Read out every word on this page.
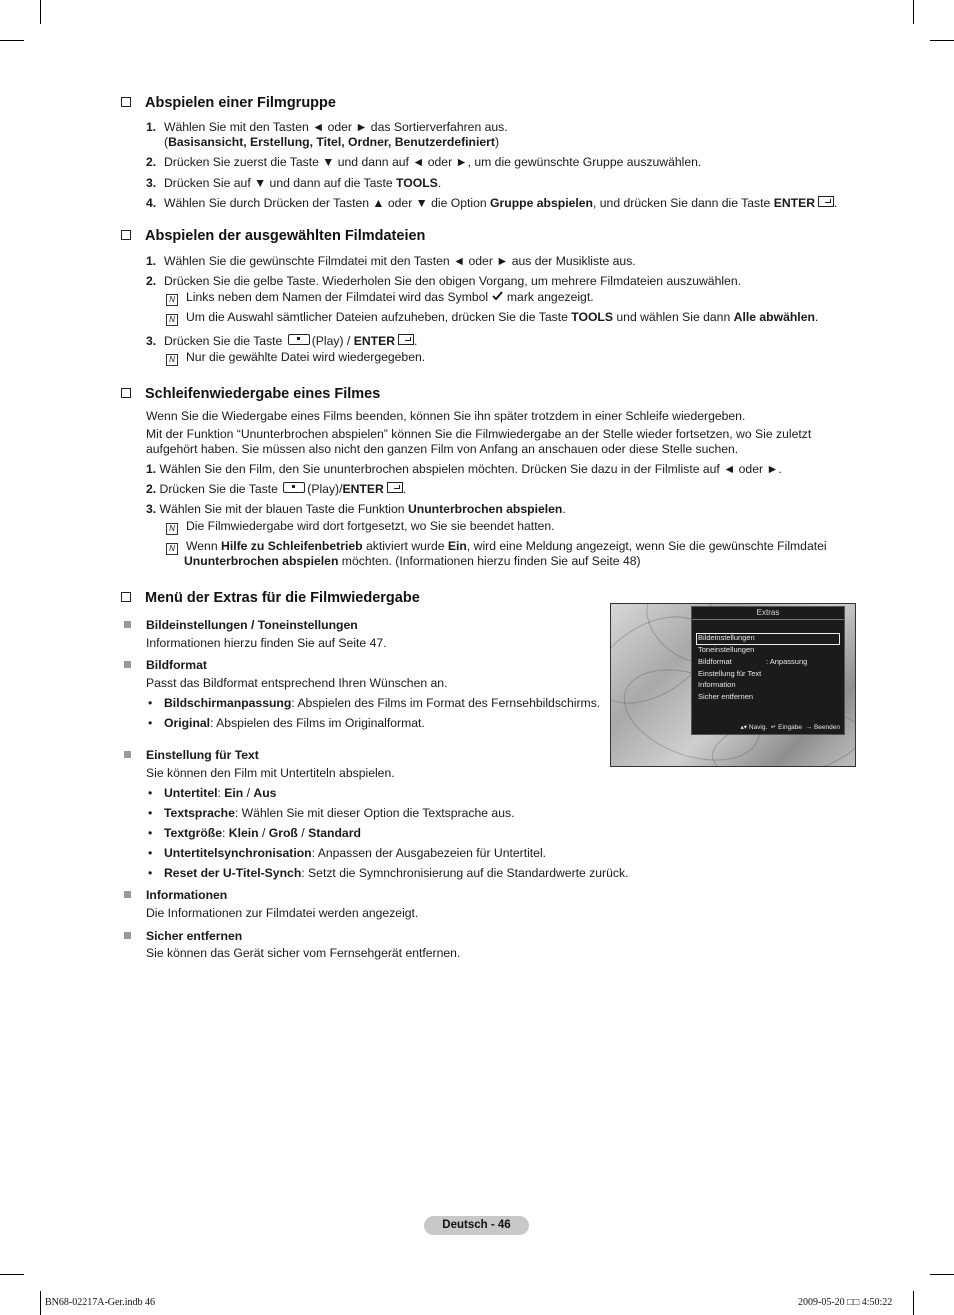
Abspielen einer Filmgruppe
1. Wählen Sie mit den Tasten ◄ oder ► das Sortierverfahren aus.
(Basisansicht, Erstellung, Titel, Ordner, Benutzerdefiniert)
2. Drücken Sie zuerst die Taste ▼ und dann auf ◄ oder ►, um die gewünschte Gruppe auszuwählen.
3. Drücken Sie auf ▼ und dann auf die Taste TOOLS.
4. Wählen Sie durch Drücken der Tasten ▲ oder ▼ die Option Gruppe abspielen, und drücken Sie dann die Taste ENTER .
Abspielen der ausgewählten Filmdateien
1. Wählen Sie die gewünschte Filmdatei mit den Tasten ◄ oder ► aus der Musikliste aus.
2. Drücken Sie die gelbe Taste. Wiederholen Sie den obigen Vorgang, um mehrere Filmdateien auszuwählen.
N Links neben dem Namen der Filmdatei wird das Symbol  mark angezeigt.
N Um die Auswahl sämtlicher Dateien aufzuheben, drücken Sie die Taste TOOLS und wählen Sie dann Alle abwählen.
3. Drücken Sie die Taste (Play) / ENTER .
N Nur die gewählte Datei wird wiedergegeben.
Schleifenwiedergabe eines Filmes
Wenn Sie die Wiedergabe eines Films beenden, können Sie ihn später trotzdem in einer Schleife wiedergeben.
Mit der Funktion “Ununterbrochen abspielen” können Sie die Filmwiedergabe an der Stelle wieder fortsetzen, wo Sie zuletzt
aufgehört haben. Sie müssen also nicht den ganzen Film von Anfang an anschauen oder diese Stelle suchen.
1. Wählen Sie den Film, den Sie ununterbrochen abspielen möchten. Drücken Sie dazu in der Filmliste auf ◄ oder ►.
2. Drücken Sie die Taste (Play)/ENTER .
3. Wählen Sie mit der blauen Taste die Funktion Ununterbrochen abspielen.
N Die Filmwiedergabe wird dort fortgesetzt, wo Sie sie beendet hatten.
N Wenn Hilfe zu Schleifenbetrieb aktiviert wurde Ein, wird eine Meldung angezeigt, wenn Sie die gewünschte Filmdatei
Ununterbrochen abspielen möchten. (Informationen hierzu finden Sie auf Seite 48)
Menü der Extras für die Filmwiedergabe
Bildeinstellungen / Toneinstellungen
Informationen hierzu finden Sie auf Seite 47.
Bildformat
Passt das Bildformat entsprechend Ihren Wünschen an.
• Bildschirmanpassung: Abspielen des Films im Format des Fernsehbildschirms.
• Original: Abspielen des Films im Originalformat.
Einstellung für Text
Sie können den Film mit Untertiteln abspielen.
• Untertitel: Ein / Aus
• Textsprache: Wählen Sie mit dieser Option die Textsprache aus.
• Textgröße: Klein / Groß / Standard
• Untertitelsynchronisation: Anpassen der Ausgabezeien für Untertitel.
• Reset der U-Titel-Synch: Setzt die Symnchronisierung auf die Standardwerte zurück.
Informationen
Die Informationen zur Filmdatei werden angezeigt.
Sicher entfernen
Sie können das Gerät sicher vom Fernsehgerät entfernen.
Extras
Bildeinstellungen
Toneinstellungen
Bildformat	: Anpassung
Einstellung für Text
Information
Sicher entfernen
▴▾ Navig. ↵ Eingabe → Beenden
Deutsch - 46
BN68-02217A-Ger.indb 46	2009-05-20 □□ 4:50:22
